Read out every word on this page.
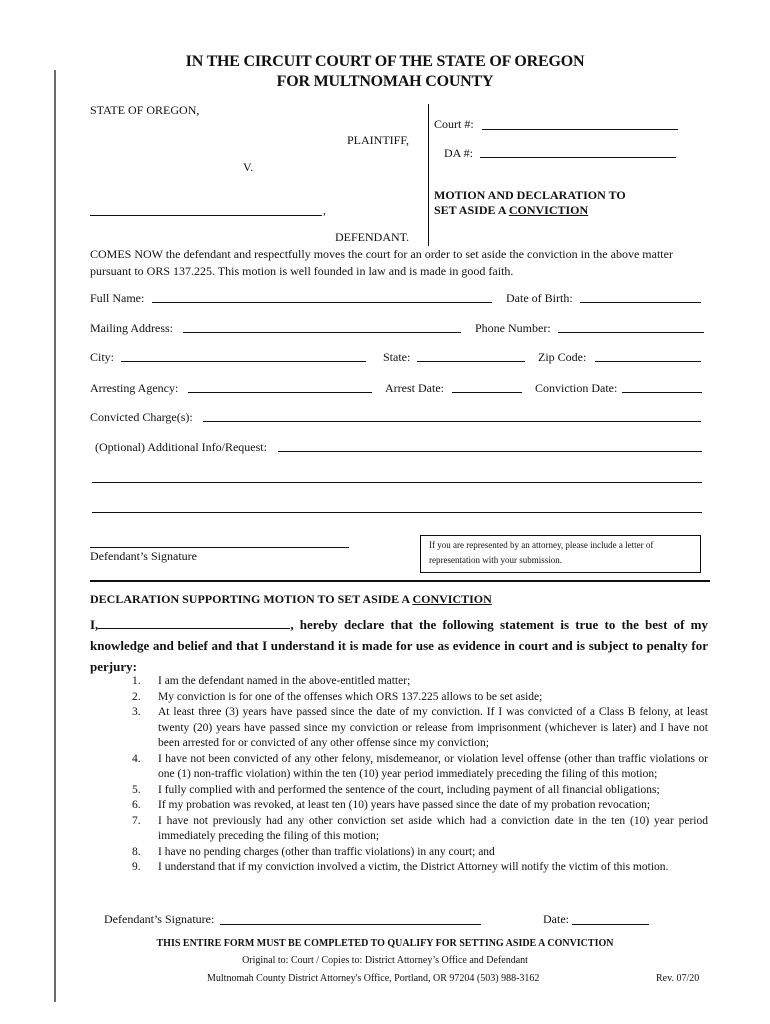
IN THE CIRCUIT COURT OF THE STATE OF OREGON
FOR MULTNOMAH COUNTY
STATE OF OREGON,
PLAINTIFF,
V.
,
DEFENDANT.
Court #:
DA #:
MOTION AND DECLARATION TO
SET ASIDE A CONVICTION
COMES NOW the defendant and respectfully moves the court for an order to set aside the conviction in the above matter
pursuant to ORS 137.225. This motion is well founded in law and is made in good faith.
Full Name:	Date of Birth:
Mailing Address:	Phone Number:
City:	State:	Zip Code:
Arresting Agency:	Arrest Date:	Conviction Date:
Convicted Charge(s):
(Optional) Additional Info/Request:
Defendant’s Signature
If you are represented by an attorney, please include a letter of
representation with your submission.
DECLARATION SUPPORTING MOTION TO SET ASIDE A CONVICTION
I,	, hereby declare that the following statement is true to the best of my knowledge and belief and that I understand it is made for use as evidence in court and is subject to penalty for perjury:
1. I am the defendant named in the above-entitled matter;
2. My conviction is for one of the offenses which ORS 137.225 allows to be set aside;
3. At least three (3) years have passed since the date of my conviction. If I was convicted of a Class B felony, at least twenty (20) years have passed since my conviction or release from imprisonment (whichever is later) and I have not been arrested for or convicted of any other offense since my conviction;
4. I have not been convicted of any other felony, misdemeanor, or violation level offense (other than traffic violations or one (1) non-traffic violation) within the ten (10) year period immediately preceding the filing of this motion;
5. I fully complied with and performed the sentence of the court, including payment of all financial obligations;
6. If my probation was revoked, at least ten (10) years have passed since the date of my probation revocation;
7. I have not previously had any other conviction set aside which had a conviction date in the ten (10) year period immediately preceding the filing of this motion;
8. I have no pending charges (other than traffic violations) in any court; and
9. I understand that if my conviction involved a victim, the District Attorney will notify the victim of this motion.
Defendant’s Signature:	Date:
THIS ENTIRE FORM MUST BE COMPLETED TO QUALIFY FOR SETTING ASIDE A CONVICTION
Original to: Court / Copies to: District Attorney’s Office and Defendant
Multnomah County District Attorney's Office, Portland, OR 97204 (503) 988-3162	Rev. 07/20
